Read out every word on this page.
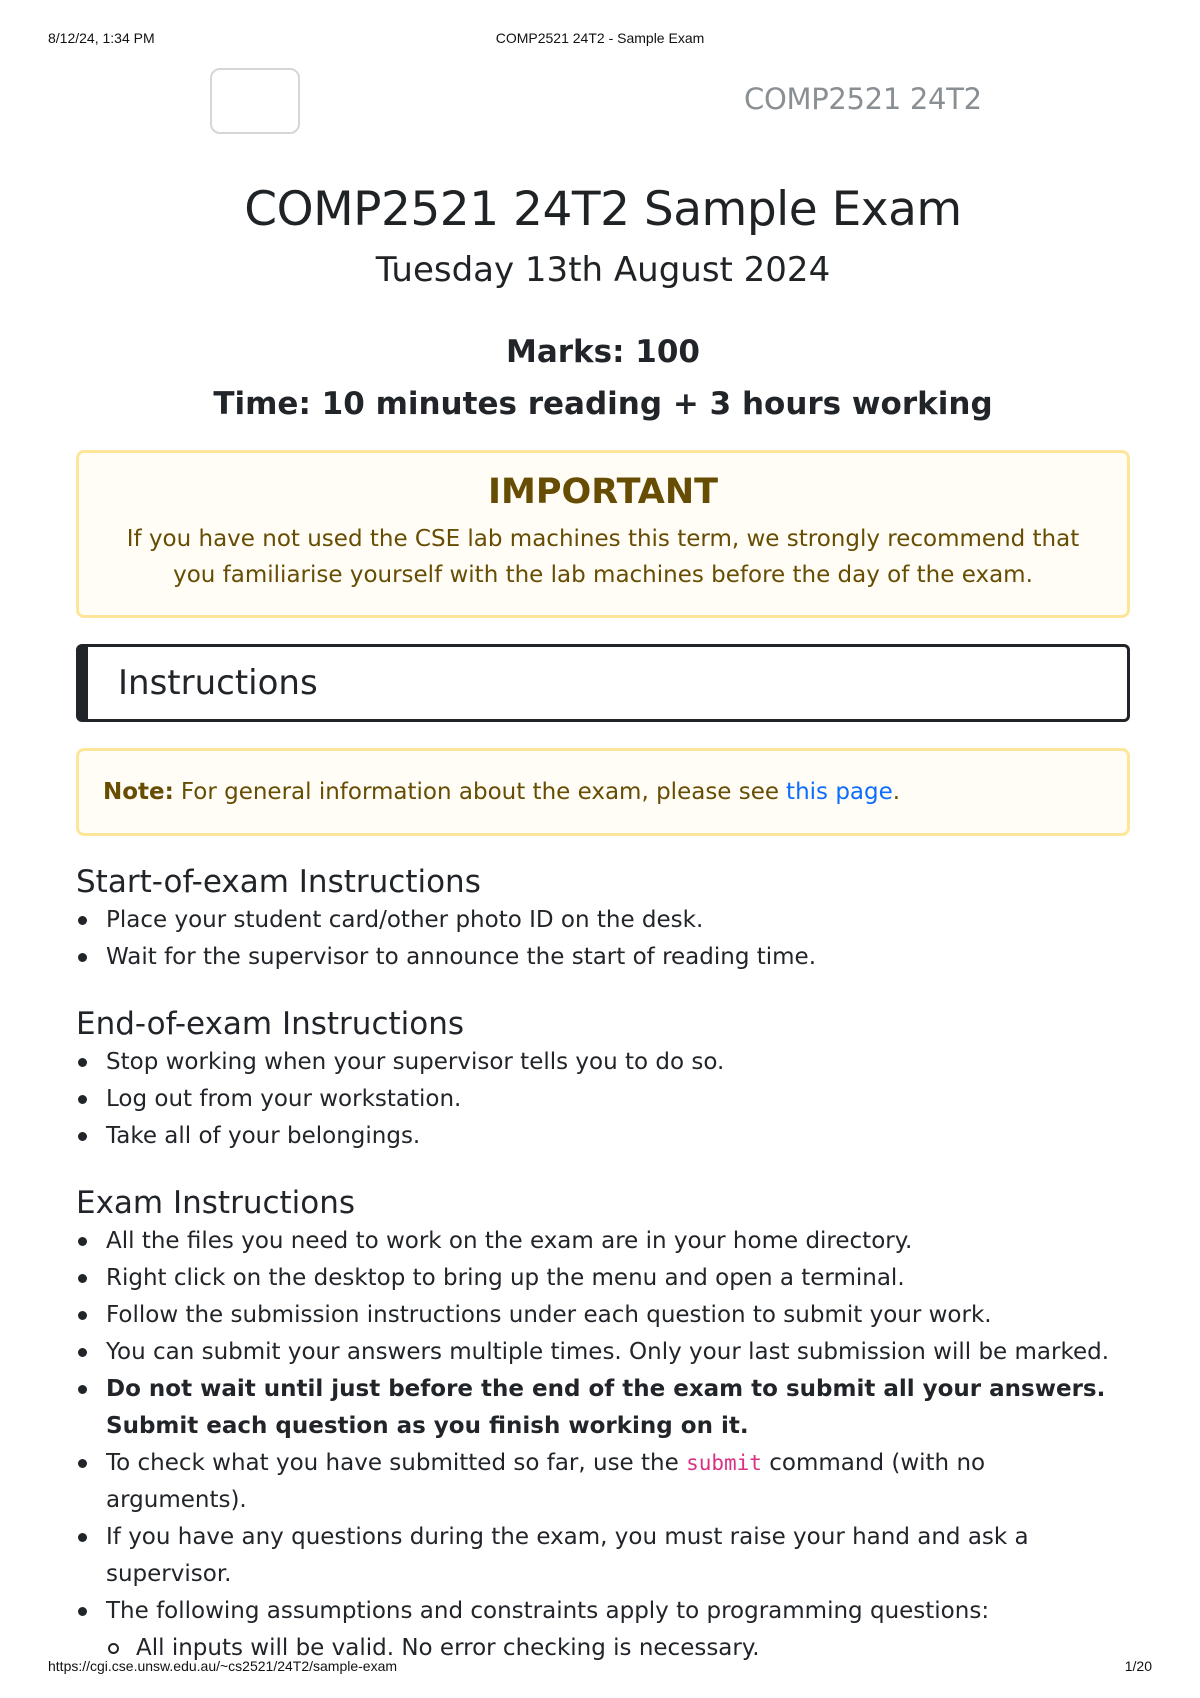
8/12/24, 1:34 PM	COMP2521 24T2 - Sample Exam
COMP2521 24T2
COMP2521 24T2 Sample Exam
Tuesday 13th August 2024
Marks: 100
Time: 10 minutes reading + 3 hours working
IMPORTANT
If you have not used the CSE lab machines this term, we strongly recommend that you familiarise yourself with the lab machines before the day of the exam.
Instructions
Note: For general information about the exam, please see this page .
Start-of-exam Instructions
Place your student card/other photo ID on the desk.
Wait for the supervisor to announce the start of reading time.
End-of-exam Instructions
Stop working when your supervisor tells you to do so.
Log out from your workstation.
Take all of your belongings.
Exam Instructions
All the files you need to work on the exam are in your home directory.
Right click on the desktop to bring up the menu and open a terminal.
Follow the submission instructions under each question to submit your work.
You can submit your answers multiple times. Only your last submission will be marked.
Do not wait until just before the end of the exam to submit all your answers. Submit each question as you finish working on it.
To check what you have submitted so far, use the submit command (with no arguments).
If you have any questions during the exam, you must raise your hand and ask a supervisor.
The following assumptions and constraints apply to programming questions:
All inputs will be valid. No error checking is necessary.
https://cgi.cse.unsw.edu.au/~cs2521/24T2/sample-exam	1/20
